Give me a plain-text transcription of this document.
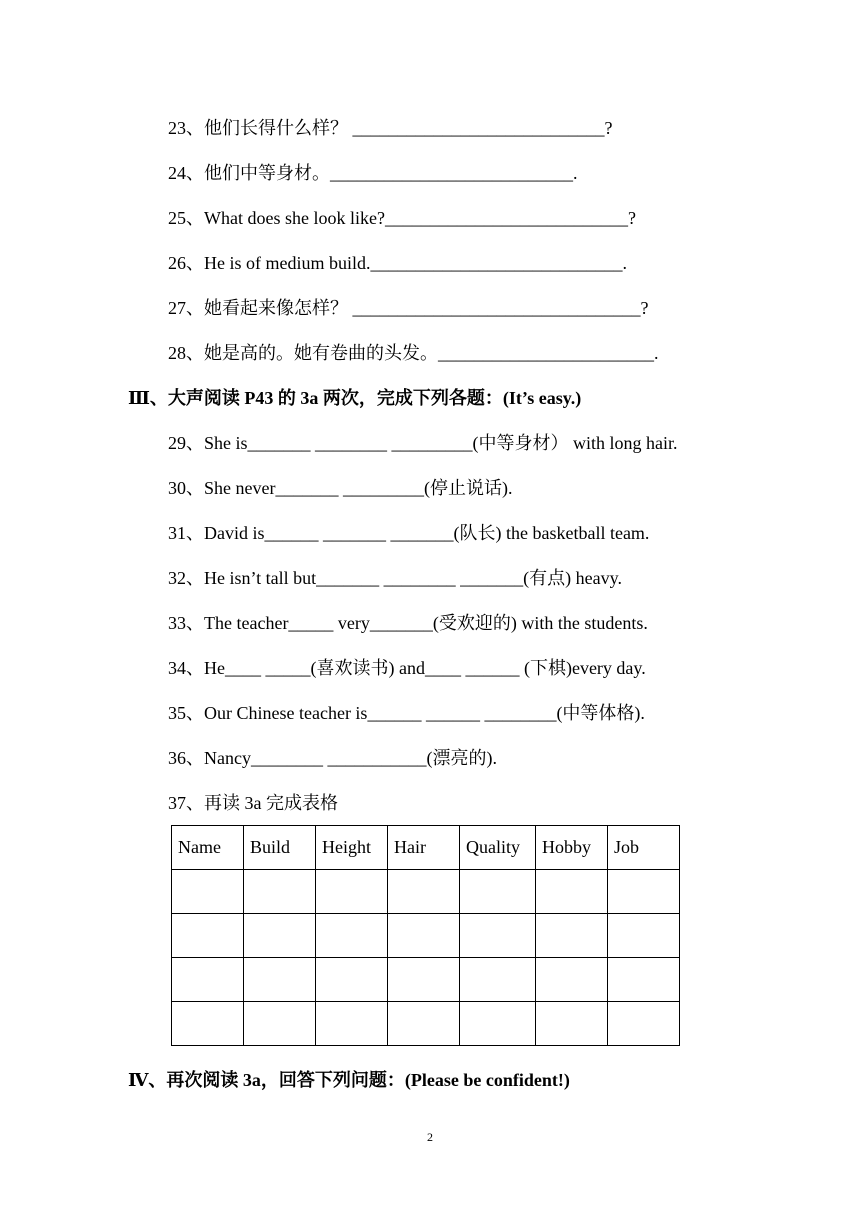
23、他们长得什么样？ ____________________________?
24、他们中等身材。___________________________.
25、What does she look like?___________________________?
26、He is of medium build.____________________________.
27、她看起来像怎样？ ________________________________?
28、她是高的。她有卷曲的头发。________________________.
Ⅲ、大声阅读 P43 的 3a 两次，完成下列各题：(It’s easy.)
29、She is_______ ________ _________(中等身材） with long hair.
30、She never_______ _________(停止说话).
31、David is______ _______ _______(队长) the basketball team.
32、He isn’t tall but_______ ________ _______(有点) heavy.
33、The teacher_____ very_______(受欢迎的) with the students.
34、He____ _____(喜欢读书) and____ ______ (下棋)every day.
35、Our Chinese teacher is______ ______ ________(中等体格).
36、Nancy________ ___________(漂亮的).
37、再读 3a 完成表格
Name	Build	Height	Hair	Quality	Hobby	Job

Ⅳ、再次阅读 3a，回答下列问题：(Please be confident!)
2
